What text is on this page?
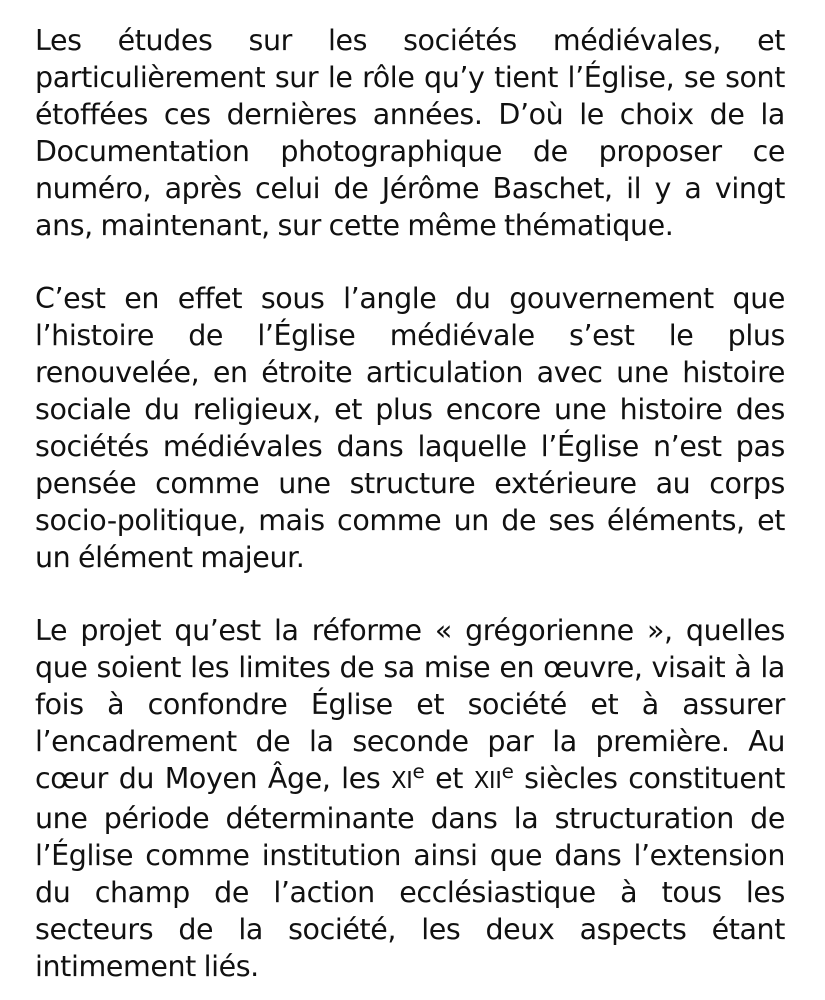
Les études sur les sociétés médiévales, et particulièrement sur le rôle qu’y tient l’Église, se sont étoffées ces dernières années. D’où le choix de la Documentation photographique de proposer ce numéro, après celui de Jérôme Baschet, il y a vingt ans, maintenant, sur cette même thématique.

C’est en effet sous l’angle du gouvernement que l’histoire de l’Église médiévale s’est le plus renouvelée, en étroite articulation avec une histoire sociale du religieux, et plus encore une histoire des sociétés médiévales dans laquelle l’Église n’est pas pensée comme une structure extérieure au corps socio-politique, mais comme un de ses éléments, et un élément majeur.

Le projet qu’est la réforme « grégorienne », quelles que soient les limites de sa mise en œuvre, visait à la fois à confondre Église et société et à assurer l’encadrement de la seconde par la première. Au cœur du Moyen Âge, les XIe et XIIe siècles constituent une période déterminante dans la structuration de l’Église comme institution ainsi que dans l’extension du champ de l’action ecclésiastique à tous les secteurs de la société, les deux aspects étant intimement liés.
